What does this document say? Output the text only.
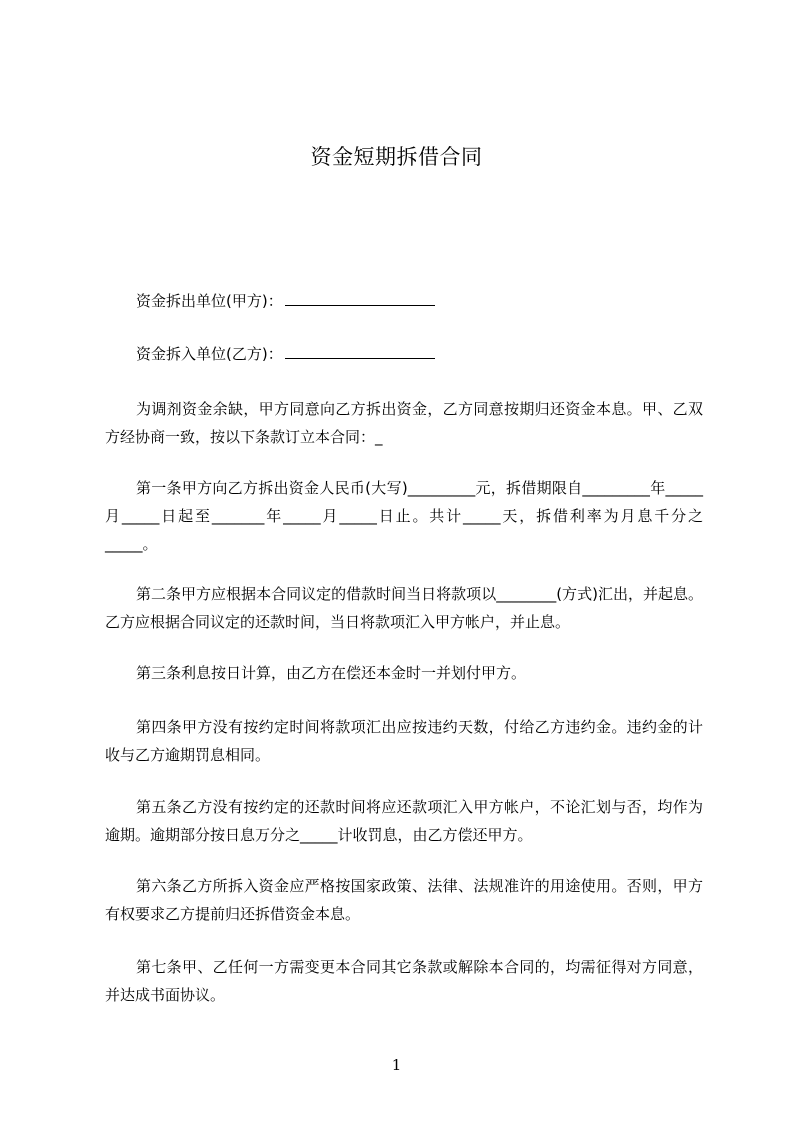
资金短期拆借合同
资金拆出单位(甲方)：
资金拆入单位(乙方)：

为调剂资金余缺，甲方同意向乙方拆出资金，乙方同意按期归还资金本息。甲、乙双方经协商一致，按以下条款订立本合同：_

第一条甲方向乙方拆出资金人民币(大写)_________元，拆借期限自_________年_____月_____日起至_______年_____月_____日止。共计_____天，拆借利率为月息千分之_____。

第二条甲方应根据本合同议定的借款时间当日将款项以________(方式)汇出，并起息。乙方应根据合同议定的还款时间，当日将款项汇入甲方帐户，并止息。

第三条利息按日计算，由乙方在偿还本金时一并划付甲方。

第四条甲方没有按约定时间将款项汇出应按违约天数，付给乙方违约金。违约金的计收与乙方逾期罚息相同。

第五条乙方没有按约定的还款时间将应还款项汇入甲方帐户，不论汇划与否，均作为逾期。逾期部分按日息万分之_____计收罚息，由乙方偿还甲方。

第六条乙方所拆入资金应严格按国家政策、法律、法规准许的用途使用。否则，甲方有权要求乙方提前归还拆借资金本息。

第七条甲、乙任何一方需变更本合同其它条款或解除本合同的，均需征得对方同意，并达成书面协议。

1
